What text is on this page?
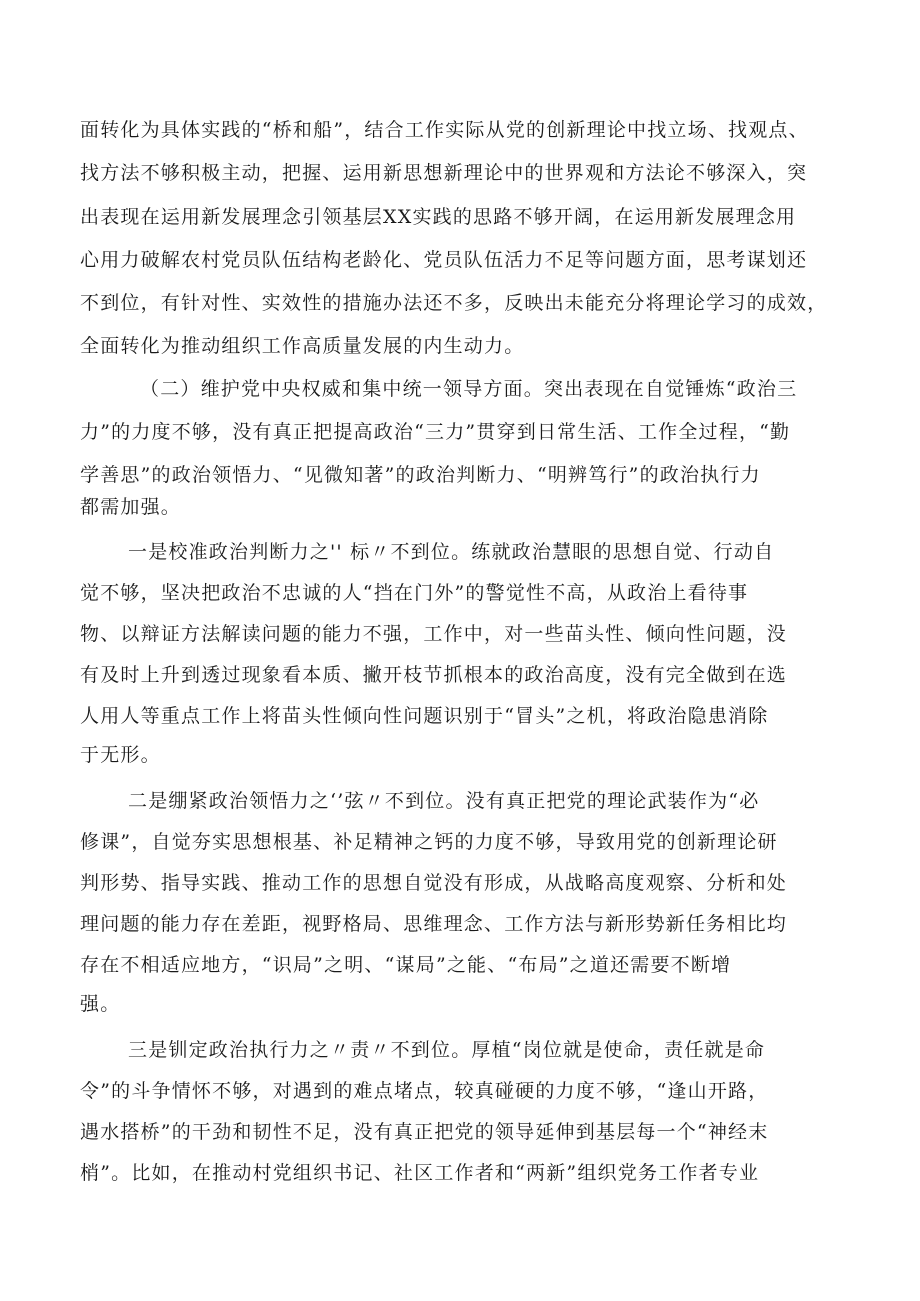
面转化为具体实践的“桥和船”，结合工作实际从党的创新理论中找立场、找观点、
找方法不够积极主动，把握、运用新思想新理论中的世界观和方法论不够深入，突
出表现在运用新发展理念引领基层XX实践的思路不够开阔，在运用新发展理念用
心用力破解农村党员队伍结构老龄化、党员队伍活力不足等问题方面，思考谋划还
不到位，有针对性、实效性的措施办法还不多，反映出未能充分将理论学习的成效，
全面转化为推动组织工作高质量发展的内生动力。
（二）维护党中央权威和集中统一领导方面。突出表现在自觉锤炼“政治三
力”的力度不够，没有真正把提高政治“三力”贯穿到日常生活、工作全过程，“勤
学善思”的政治领悟力、“见微知著”的政治判断力、“明辨笃行”的政治执行力
都需加强。
一是校准政治判断力之'' 标〃不到位。练就政治慧眼的思想自觉、行动自
觉不够，坚决把政治不忠诚的人“挡在门外”的警觉性不高，从政治上看待事
物、以辩证方法解读问题的能力不强，工作中，对一些苗头性、倾向性问题，没
有及时上升到透过现象看本质、撇开枝节抓根本的政治高度，没有完全做到在选
人用人等重点工作上将苗头性倾向性问题识别于“冒头”之机，将政治隐患消除
于无形。
二是绷紧政治领悟力之‘’弦〃不到位。没有真正把党的理论武装作为“必
修课”，自觉夯实思想根基、补足精神之钙的力度不够，导致用党的创新理论研
判形势、指导实践、推动工作的思想自觉没有形成，从战略高度观察、分析和处
理问题的能力存在差距，视野格局、思维理念、工作方法与新形势新任务相比均
存在不相适应地方，“识局”之明、“谋局”之能、“布局”之道还需要不断增
强。
三是钏定政治执行力之〃责〃不到位。厚植“岗位就是使命，责任就是命
令”的斗争情怀不够，对遇到的难点堵点，较真碰硬的力度不够，“逢山开路，
遇水搭桥”的干劲和韧性不足，没有真正把党的领导延伸到基层每一个“神经末
梢”。比如，在推动村党组织书记、社区工作者和“两新”组织党务工作者专业
